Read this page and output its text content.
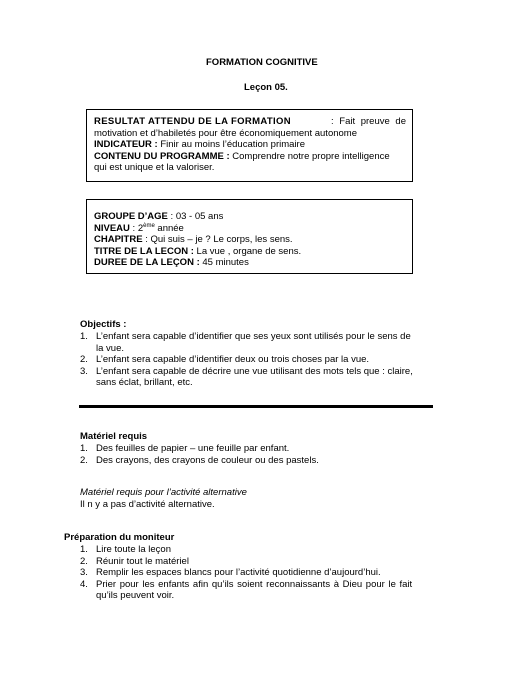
FORMATION COGNITIVE
Leçon 05.
RESULTAT ATTENDU DE LA FORMATION	: Fait preuve de
motivation et d’habiletés pour être économiquement autonome
INDICATEUR : Finir au moins l’éducation primaire
CONTENU DU PROGRAMME : Comprendre notre propre intelligence
qui est unique et la valoriser.
GROUPE D’AGE : 03 - 05 ans
NIVEAU : 2ème année
CHAPITRE : Qui suis – je ? Le corps, les sens.
TITRE DE LA LECON : La vue , organe de sens.
DUREE DE LA LEÇON : 45 minutes
Objectifs :
1. L’enfant sera capable d’identifier que ses yeux sont utilisés pour le sens de
la vue.
2. L’enfant sera capable d’identifier deux ou trois choses par la vue.
3. L’enfant sera capable de décrire une vue utilisant des mots tels que : claire,
sans éclat, brillant, etc.
Matériel requis
1. Des feuilles de papier – une feuille par enfant.
2. Des crayons, des crayons de couleur ou des pastels.
Matériel requis pour l’activité alternative
Il n y a pas d’activité alternative.
Préparation du moniteur
1. Lire toute la leçon
2. Réunir tout le matériel
3. Remplir les espaces blancs pour l’activité quotidienne d’aujourd’hui.
4. Prier pour les enfants afin qu’ils soient reconnaissants à Dieu pour le fait
qu’ils peuvent voir.
